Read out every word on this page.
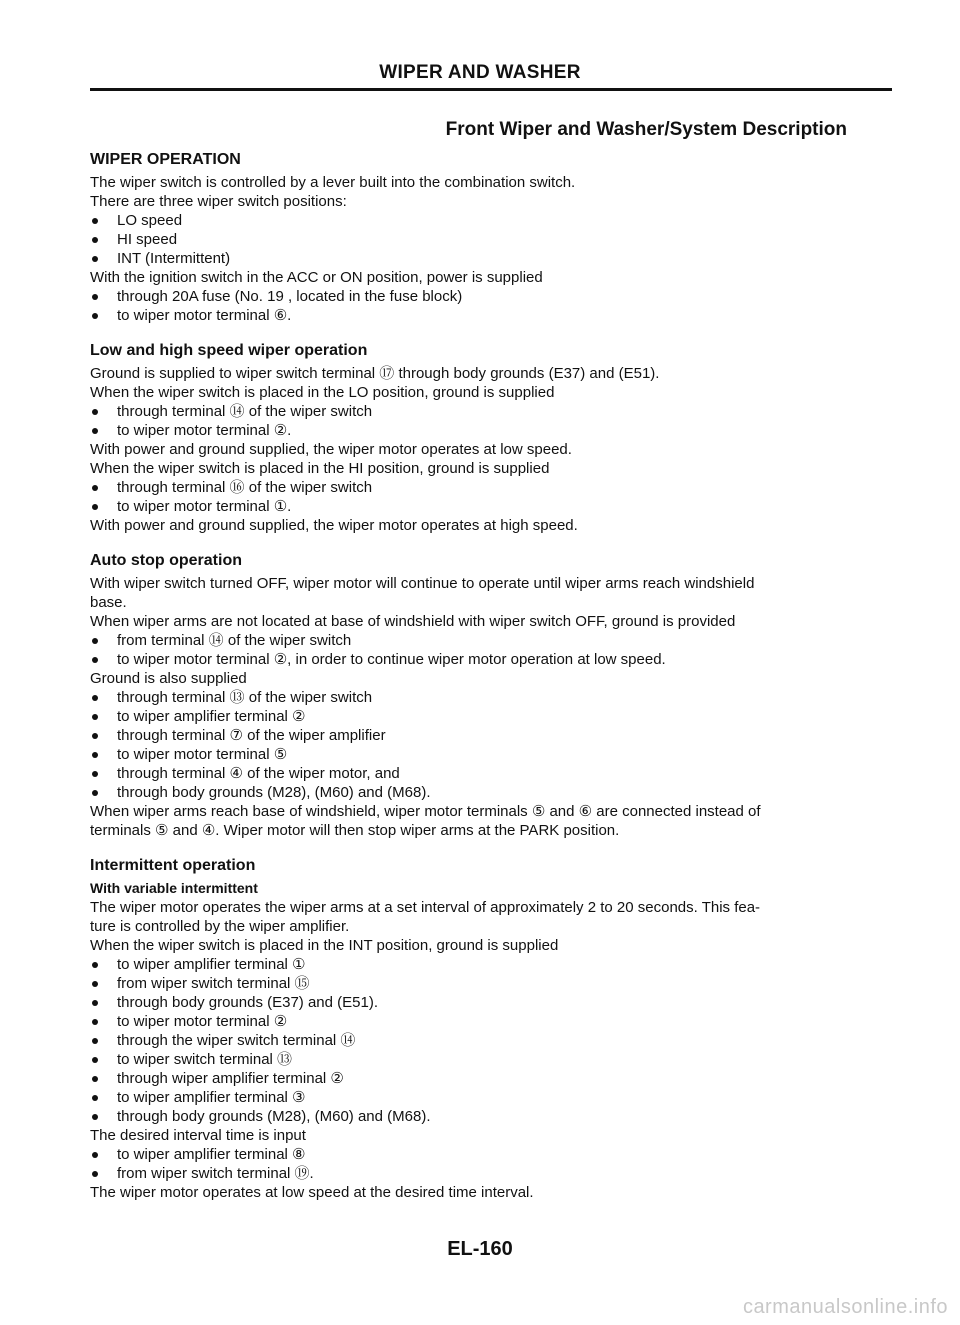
WIPER AND WASHER
Front Wiper and Washer/System Description
WIPER OPERATION
The wiper switch is controlled by a lever built into the combination switch.
There are three wiper switch positions:
LO speed
HI speed
INT (Intermittent)
With the ignition switch in the ACC or ON position, power is supplied
through 20A fuse (No. 19 , located in the fuse block)
to wiper motor terminal ⑥.
Low and high speed wiper operation
Ground is supplied to wiper switch terminal ⑰ through body grounds (E37) and (E51).
When the wiper switch is placed in the LO position, ground is supplied
through terminal ⑭ of the wiper switch
to wiper motor terminal ②.
With power and ground supplied, the wiper motor operates at low speed.
When the wiper switch is placed in the HI position, ground is supplied
through terminal ⑯ of the wiper switch
to wiper motor terminal ①.
With power and ground supplied, the wiper motor operates at high speed.
Auto stop operation
With wiper switch turned OFF, wiper motor will continue to operate until wiper arms reach windshield
base.
When wiper arms are not located at base of windshield with wiper switch OFF, ground is provided
from terminal ⑭ of the wiper switch
to wiper motor terminal ②, in order to continue wiper motor operation at low speed.
Ground is also supplied
through terminal ⑬ of the wiper switch
to wiper amplifier terminal ②
through terminal ⑦ of the wiper amplifier
to wiper motor terminal ⑤
through terminal ④ of the wiper motor, and
through body grounds (M28), (M60) and (M68).
When wiper arms reach base of windshield, wiper motor terminals ⑤ and ⑥ are connected instead of
terminals ⑤ and ④. Wiper motor will then stop wiper arms at the PARK position.
Intermittent operation
With variable intermittent
The wiper motor operates the wiper arms at a set interval of approximately 2 to 20 seconds. This fea-
ture is controlled by the wiper amplifier.
When the wiper switch is placed in the INT position, ground is supplied
to wiper amplifier terminal ①
from wiper switch terminal ⑮
through body grounds (E37) and (E51).
to wiper motor terminal ②
through the wiper switch terminal ⑭
to wiper switch terminal ⑬
through wiper amplifier terminal ②
to wiper amplifier terminal ③
through body grounds (M28), (M60) and (M68).
The desired interval time is input
to wiper amplifier terminal ⑧
from wiper switch terminal ⑲.
The wiper motor operates at low speed at the desired time interval.
EL-160
carmanualsonline.info
